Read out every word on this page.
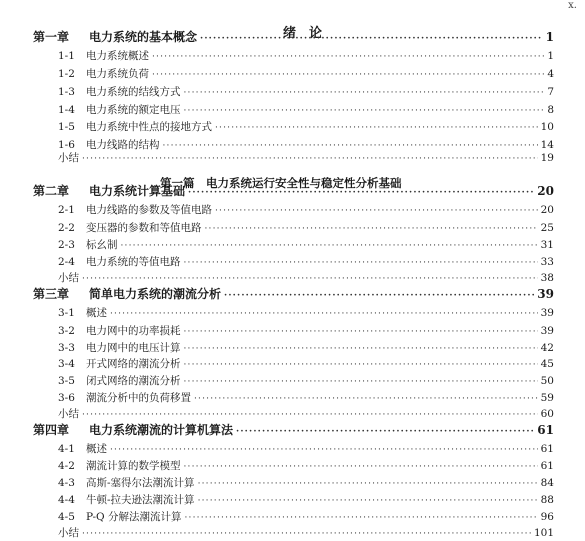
x.
绪　论
第一篇　电力系统运行安全性与稳定性分析基础
第一章	电力系统的基本概念 ·····	1
1-1	电力系统概述 ·····	1
1-2	电力系统负荷 ·····	4
1-3	电力系统的结线方式 ·····	7
1-4	电力系统的额定电压 ·····	8
1-5	电力系统中性点的接地方式 ·····	10
1-6	电力线路的结构 ·····	14
小结 ·····	19
第二章	电力系统计算基础 ·····	20
2-1	电力线路的参数及等值电路 ·····	20
2-2	变压器的参数和等值电路 ·····	25
2-3	标幺制 ·····	31
2-4	电力系统的等值电路 ·····	33
小结 ·····	38
第三章	简单电力系统的潮流分析 ·····	39
3-1	概述 ·····	39
3-2	电力网中的功率损耗 ·····	39
3-3	电力网中的电压计算 ·····	42
3-4	开式网络的潮流分析 ·····	45
3-5	闭式网络的潮流分析 ·····	50
3-6	潮流分析中的负荷移置 ·····	59
小结 ·····	60
第四章	电力系统潮流的计算机算法 ·····	61
4-1	概述 ·····	61
4-2	潮流计算的数学模型 ·····	61
4-3	高斯-塞得尔法潮流计算 ·····	84
4-4	牛顿-拉夫逊法潮流计算 ·····	88
4-5	P-Q 分解法潮流计算 ·····	96
小结 ·····	101
